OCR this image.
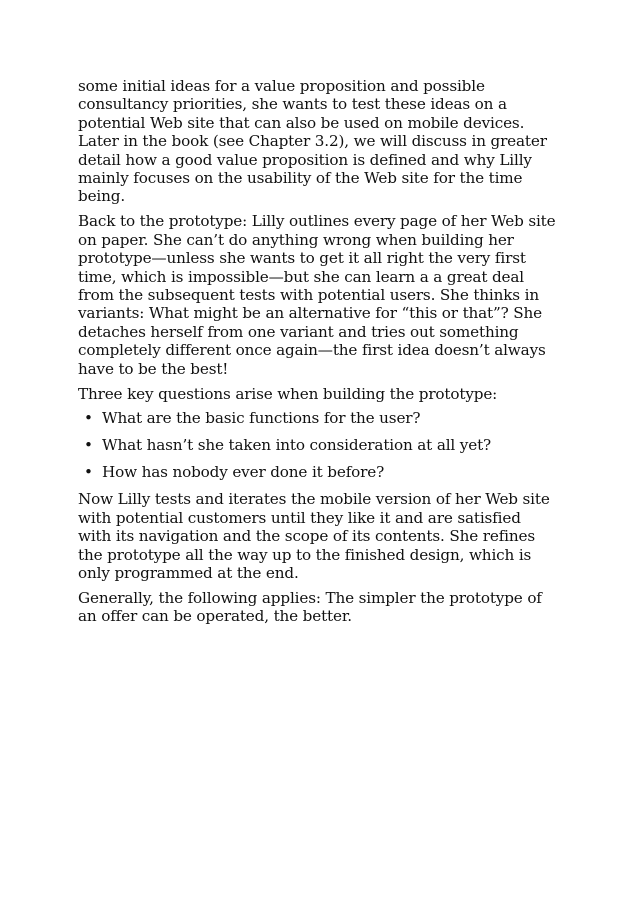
some initial ideas for a value proposition and possible consultancy priorities, she wants to test these ideas on a potential Web site that can also be used on mobile devices. Later in the book (see Chapter 3.2), we will discuss in greater detail how a good value proposition is defined and why Lilly mainly focuses on the usability of the Web site for the time being.

Back to the prototype: Lilly outlines every page of her Web site on paper. She can’t do anything wrong when building her prototype—unless she wants to get it all right the very first time, which is impossible—but she can learn a a great deal from the subsequent tests with potential users. She thinks in variants: What might be an alternative for “this or that”? She detaches herself from one variant and tries out something completely different once again—the first idea doesn’t always have to be the best!

Three key questions arise when building the prototype:

• What are the basic functions for the user?
• What hasn’t she taken into consideration at all yet?
• How has nobody ever done it before?

Now Lilly tests and iterates the mobile version of her Web site with potential customers until they like it and are satisfied with its navigation and the scope of its contents. She refines the prototype all the way up to the finished design, which is only programmed at the end.

Generally, the following applies: The simpler the prototype of an offer can be operated, the better.
